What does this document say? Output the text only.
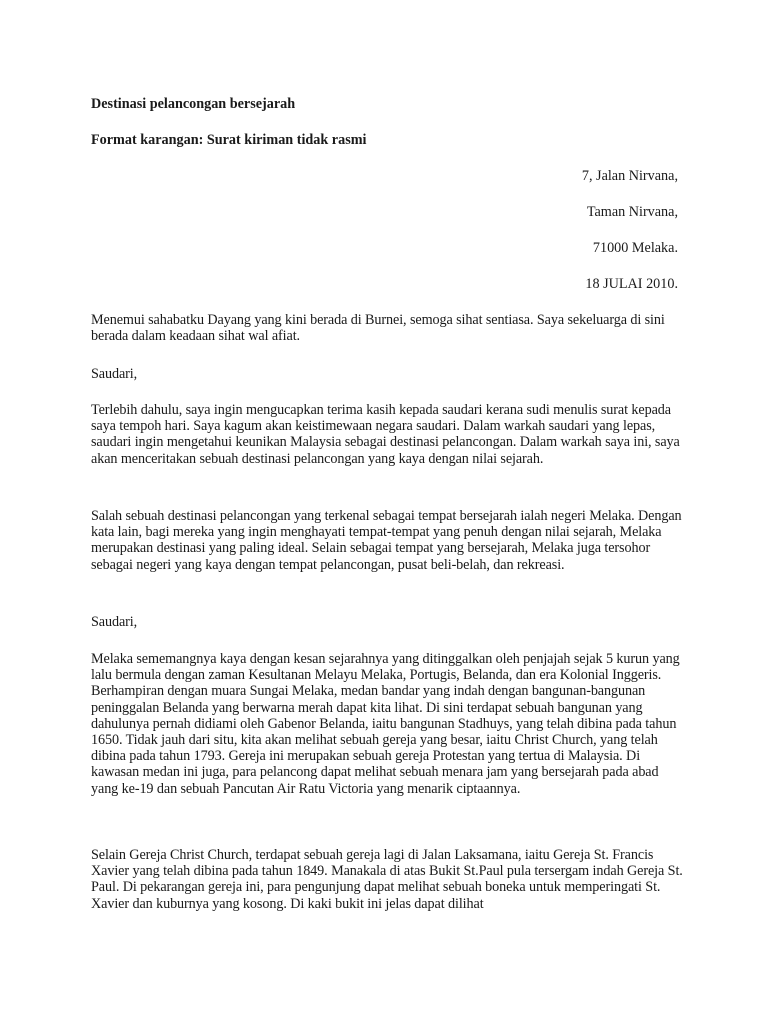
Destinasi pelancongan bersejarah
Format karangan: Surat kiriman tidak rasmi
7, Jalan Nirvana,
Taman Nirvana,
71000 Melaka.
18 JULAI 2010.
Menemui sahabatku Dayang yang kini berada di Burnei, semoga sihat sentiasa. Saya sekeluarga di sini berada dalam keadaan sihat wal afiat.
Saudari,
Terlebih dahulu, saya ingin mengucapkan terima kasih kepada saudari kerana sudi menulis surat kepada saya tempoh hari. Saya kagum akan keistimewaan negara saudari. Dalam warkah saudari yang lepas, saudari ingin mengetahui keunikan Malaysia sebagai destinasi pelancongan. Dalam warkah saya ini, saya akan menceritakan sebuah destinasi pelancongan yang kaya dengan nilai sejarah.
Salah sebuah destinasi pelancongan yang terkenal sebagai tempat bersejarah ialah negeri Melaka. Dengan kata lain, bagi mereka yang ingin menghayati tempat-tempat yang penuh dengan nilai sejarah, Melaka merupakan destinasi yang paling ideal. Selain sebagai tempat yang bersejarah, Melaka juga tersohor sebagai negeri yang kaya dengan tempat pelancongan, pusat beli-belah, dan rekreasi.
Saudari,
Melaka sememangnya kaya dengan kesan sejarahnya yang ditinggalkan oleh penjajah sejak 5 kurun yang lalu bermula dengan zaman Kesultanan Melayu Melaka, Portugis, Belanda, dan era Kolonial Inggeris. Berhampiran dengan muara Sungai Melaka, medan bandar yang indah dengan bangunan-bangunan peninggalan Belanda yang berwarna merah dapat kita lihat. Di sini terdapat sebuah bangunan yang dahulunya pernah didiami oleh Gabenor Belanda, iaitu bangunan Stadhuys, yang telah dibina pada tahun 1650. Tidak jauh dari situ, kita akan melihat sebuah gereja yang besar, iaitu Christ Church, yang telah dibina pada tahun 1793. Gereja ini merupakan sebuah gereja Protestan yang tertua di Malaysia. Di kawasan medan ini juga, para pelancong dapat melihat sebuah menara jam yang bersejarah pada abad yang ke-19 dan sebuah Pancutan Air Ratu Victoria yang menarik ciptaannya.
Selain Gereja Christ Church, terdapat sebuah gereja lagi di Jalan Laksamana, iaitu Gereja St. Francis Xavier yang telah dibina pada tahun 1849. Manakala di atas Bukit St.Paul pula tersergam indah Gereja St. Paul. Di pekarangan gereja ini, para pengunjung dapat melihat sebuah boneka untuk memperingati St. Xavier dan kuburnya yang kosong. Di kaki bukit ini jelas dapat dilihat
